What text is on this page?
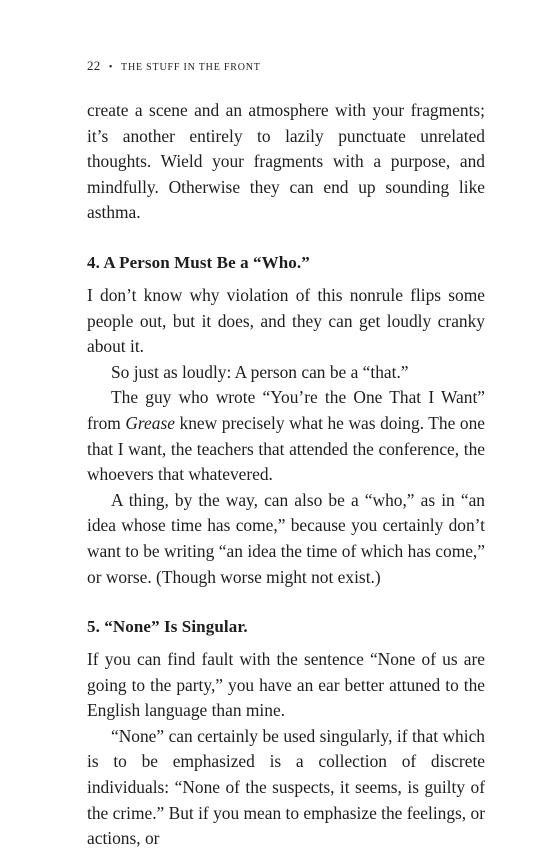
22 • THE STUFF IN THE FRONT

create a scene and an atmosphere with your fragments; it’s another entirely to lazily punctuate unrelated thoughts. Wield your fragments with a purpose, and mindfully. Otherwise they can end up sounding like asthma.

4. A Person Must Be a “Who.”

I don’t know why violation of this nonrule flips some people out, but it does, and they can get loudly cranky about it.

So just as loudly: A person can be a “that.”

The guy who wrote “You’re the One That I Want” from Grease knew precisely what he was doing. The one that I want, the teachers that attended the conference, the whoevers that whatevered.

A thing, by the way, can also be a “who,” as in “an idea whose time has come,” because you certainly don’t want to be writing “an idea the time of which has come,” or worse. (Though worse might not exist.)

5. “None” Is Singular.

If you can find fault with the sentence “None of us are going to the party,” you have an ear better attuned to the English language than mine.

“None” can certainly be used singularly, if that which is to be emphasized is a collection of discrete individuals: “None of the suspects, it seems, is guilty of the crime.” But if you mean to emphasize the feelings, or actions, or
